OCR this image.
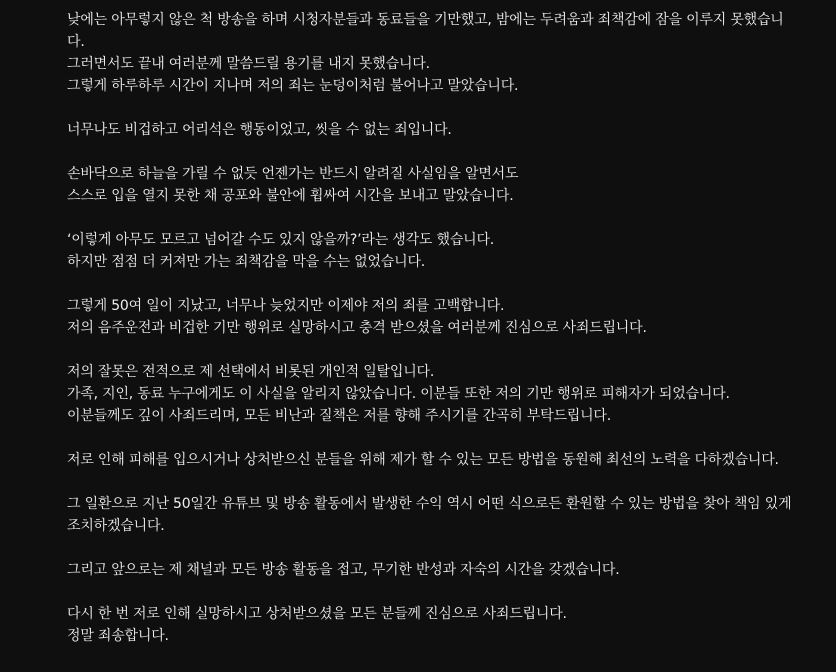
낮에는 아무렇지 않은 척 방송을 하며 시청자분들과 동료들을 기만했고, 밤에는 두려움과 죄책감에 잠을 이루지 못했습니다.
그러면서도 끝내 여러분께 말씀드릴 용기를 내지 못했습니다.
그렇게 하루하루 시간이 지나며 저의 죄는 눈덩이처럼 불어나고 말았습니다.
너무나도 비겁하고 어리석은 행동이었고, 씻을 수 없는 죄입니다.
손바닥으로 하늘을 가릴 수 없듯 언젠가는 반드시 알려질 사실임을 알면서도
스스로 입을 열지 못한 채 공포와 불안에 휩싸여 시간을 보내고 말았습니다.
‘이렇게 아무도 모르고 넘어갈 수도 있지 않을까?’라는 생각도 했습니다.
하지만 점점 더 커져만 가는 죄책감을 막을 수는 없었습니다.
그렇게 50여 일이 지났고, 너무나 늦었지만 이제야 저의 죄를 고백합니다.
저의 음주운전과 비겁한 기만 행위로 실망하시고 충격 받으셨을 여러분께 진심으로 사죄드립니다.
저의 잘못은 전적으로 제 선택에서 비롯된 개인적 일탈입니다.
가족, 지인, 동료 누구에게도 이 사실을 알리지 않았습니다. 이분들 또한 저의 기만 행위로 피해자가 되었습니다.
이분들께도 깊이 사죄드리며, 모든 비난과 질책은 저를 향해 주시기를 간곡히 부탁드립니다.
저로 인해 피해를 입으시거나 상처받으신 분들을 위해 제가 할 수 있는 모든 방법을 동원해 최선의 노력을 다하겠습니다.
그 일환으로 지난 50일간 유튜브 및 방송 활동에서 발생한 수익 역시 어떤 식으로든 환원할 수 있는 방법을 찾아 책임 있게 조치하겠습니다.
그리고 앞으로는 제 채널과 모든 방송 활동을 접고, 무기한 반성과 자숙의 시간을 갖겠습니다.
다시 한 번 저로 인해 실망하시고 상처받으셨을 모든 분들께 진심으로 사죄드립니다.
정말 죄송합니다.
